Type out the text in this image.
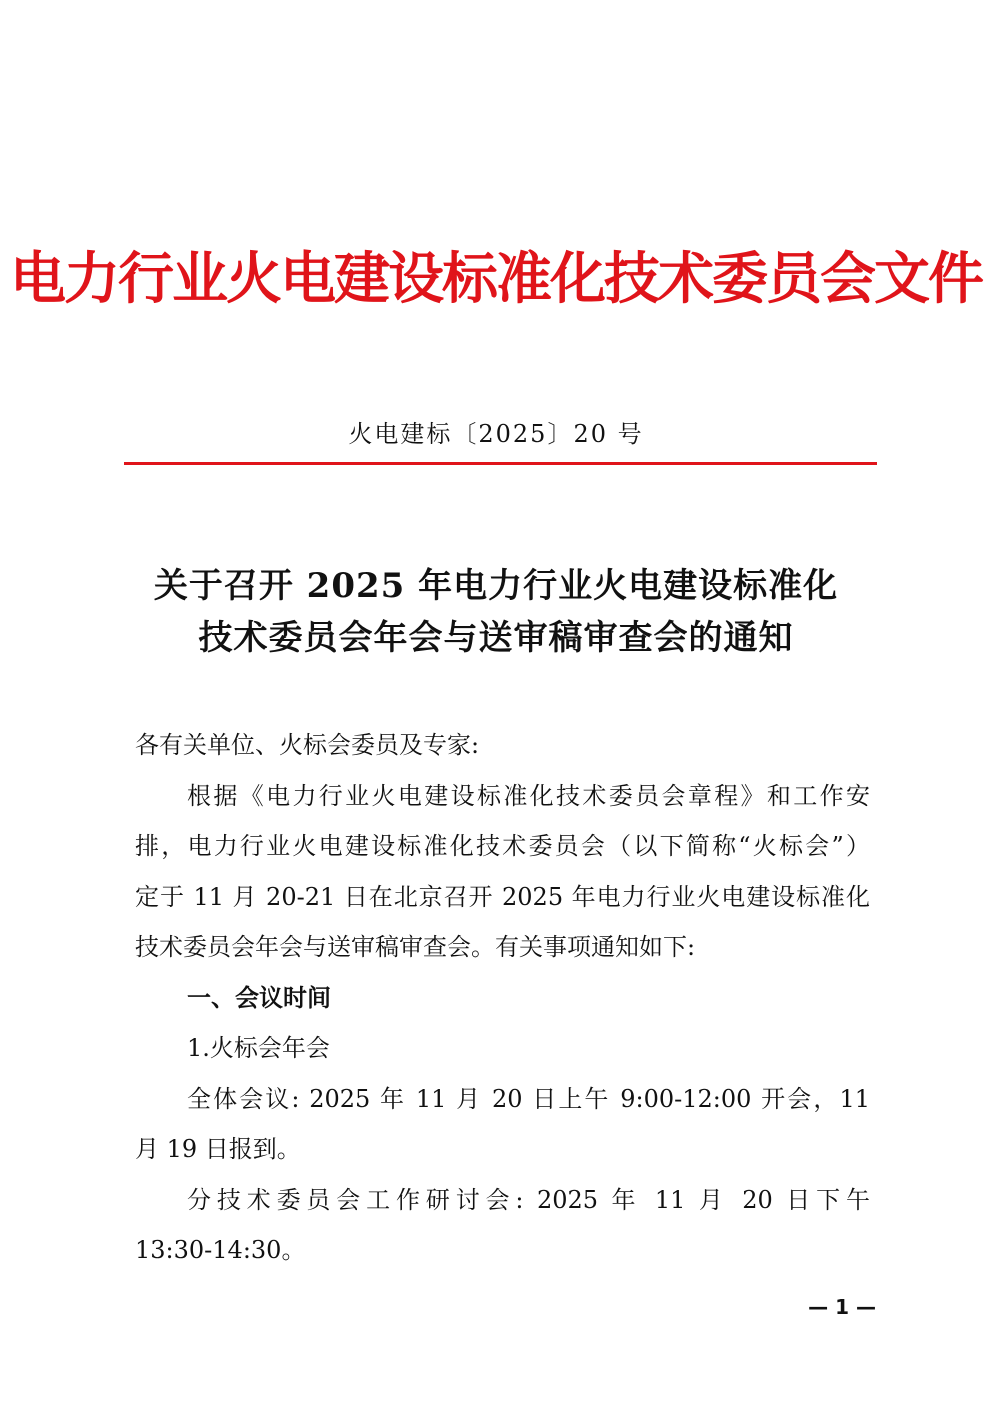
电力行业火电建设标准化技术委员会文件
火电建标〔2025〕20 号
关于召开 2025 年电力行业火电建设标准化
技术委员会年会与送审稿审查会的通知
各有关单位、火标会委员及专家:
根据《电力行业火电建设标准化技术委员会章程》和工作安
排，电力行业火电建设标准化技术委员会（以下简称“火标会”）
定于 11 月 20-21 日在北京召开 2025 年电力行业火电建设标准化
技术委员会年会与送审稿审查会。有关事项通知如下:
一、会议时间
1.火标会年会
全体会议: 2025 年 11 月 20 日上午 9:00-12:00 开会，11
月 19 日报到。
分技术委员会工作研讨会: 2025 年 11 月 20 日下午
13:30-14:30。
— 1 —
